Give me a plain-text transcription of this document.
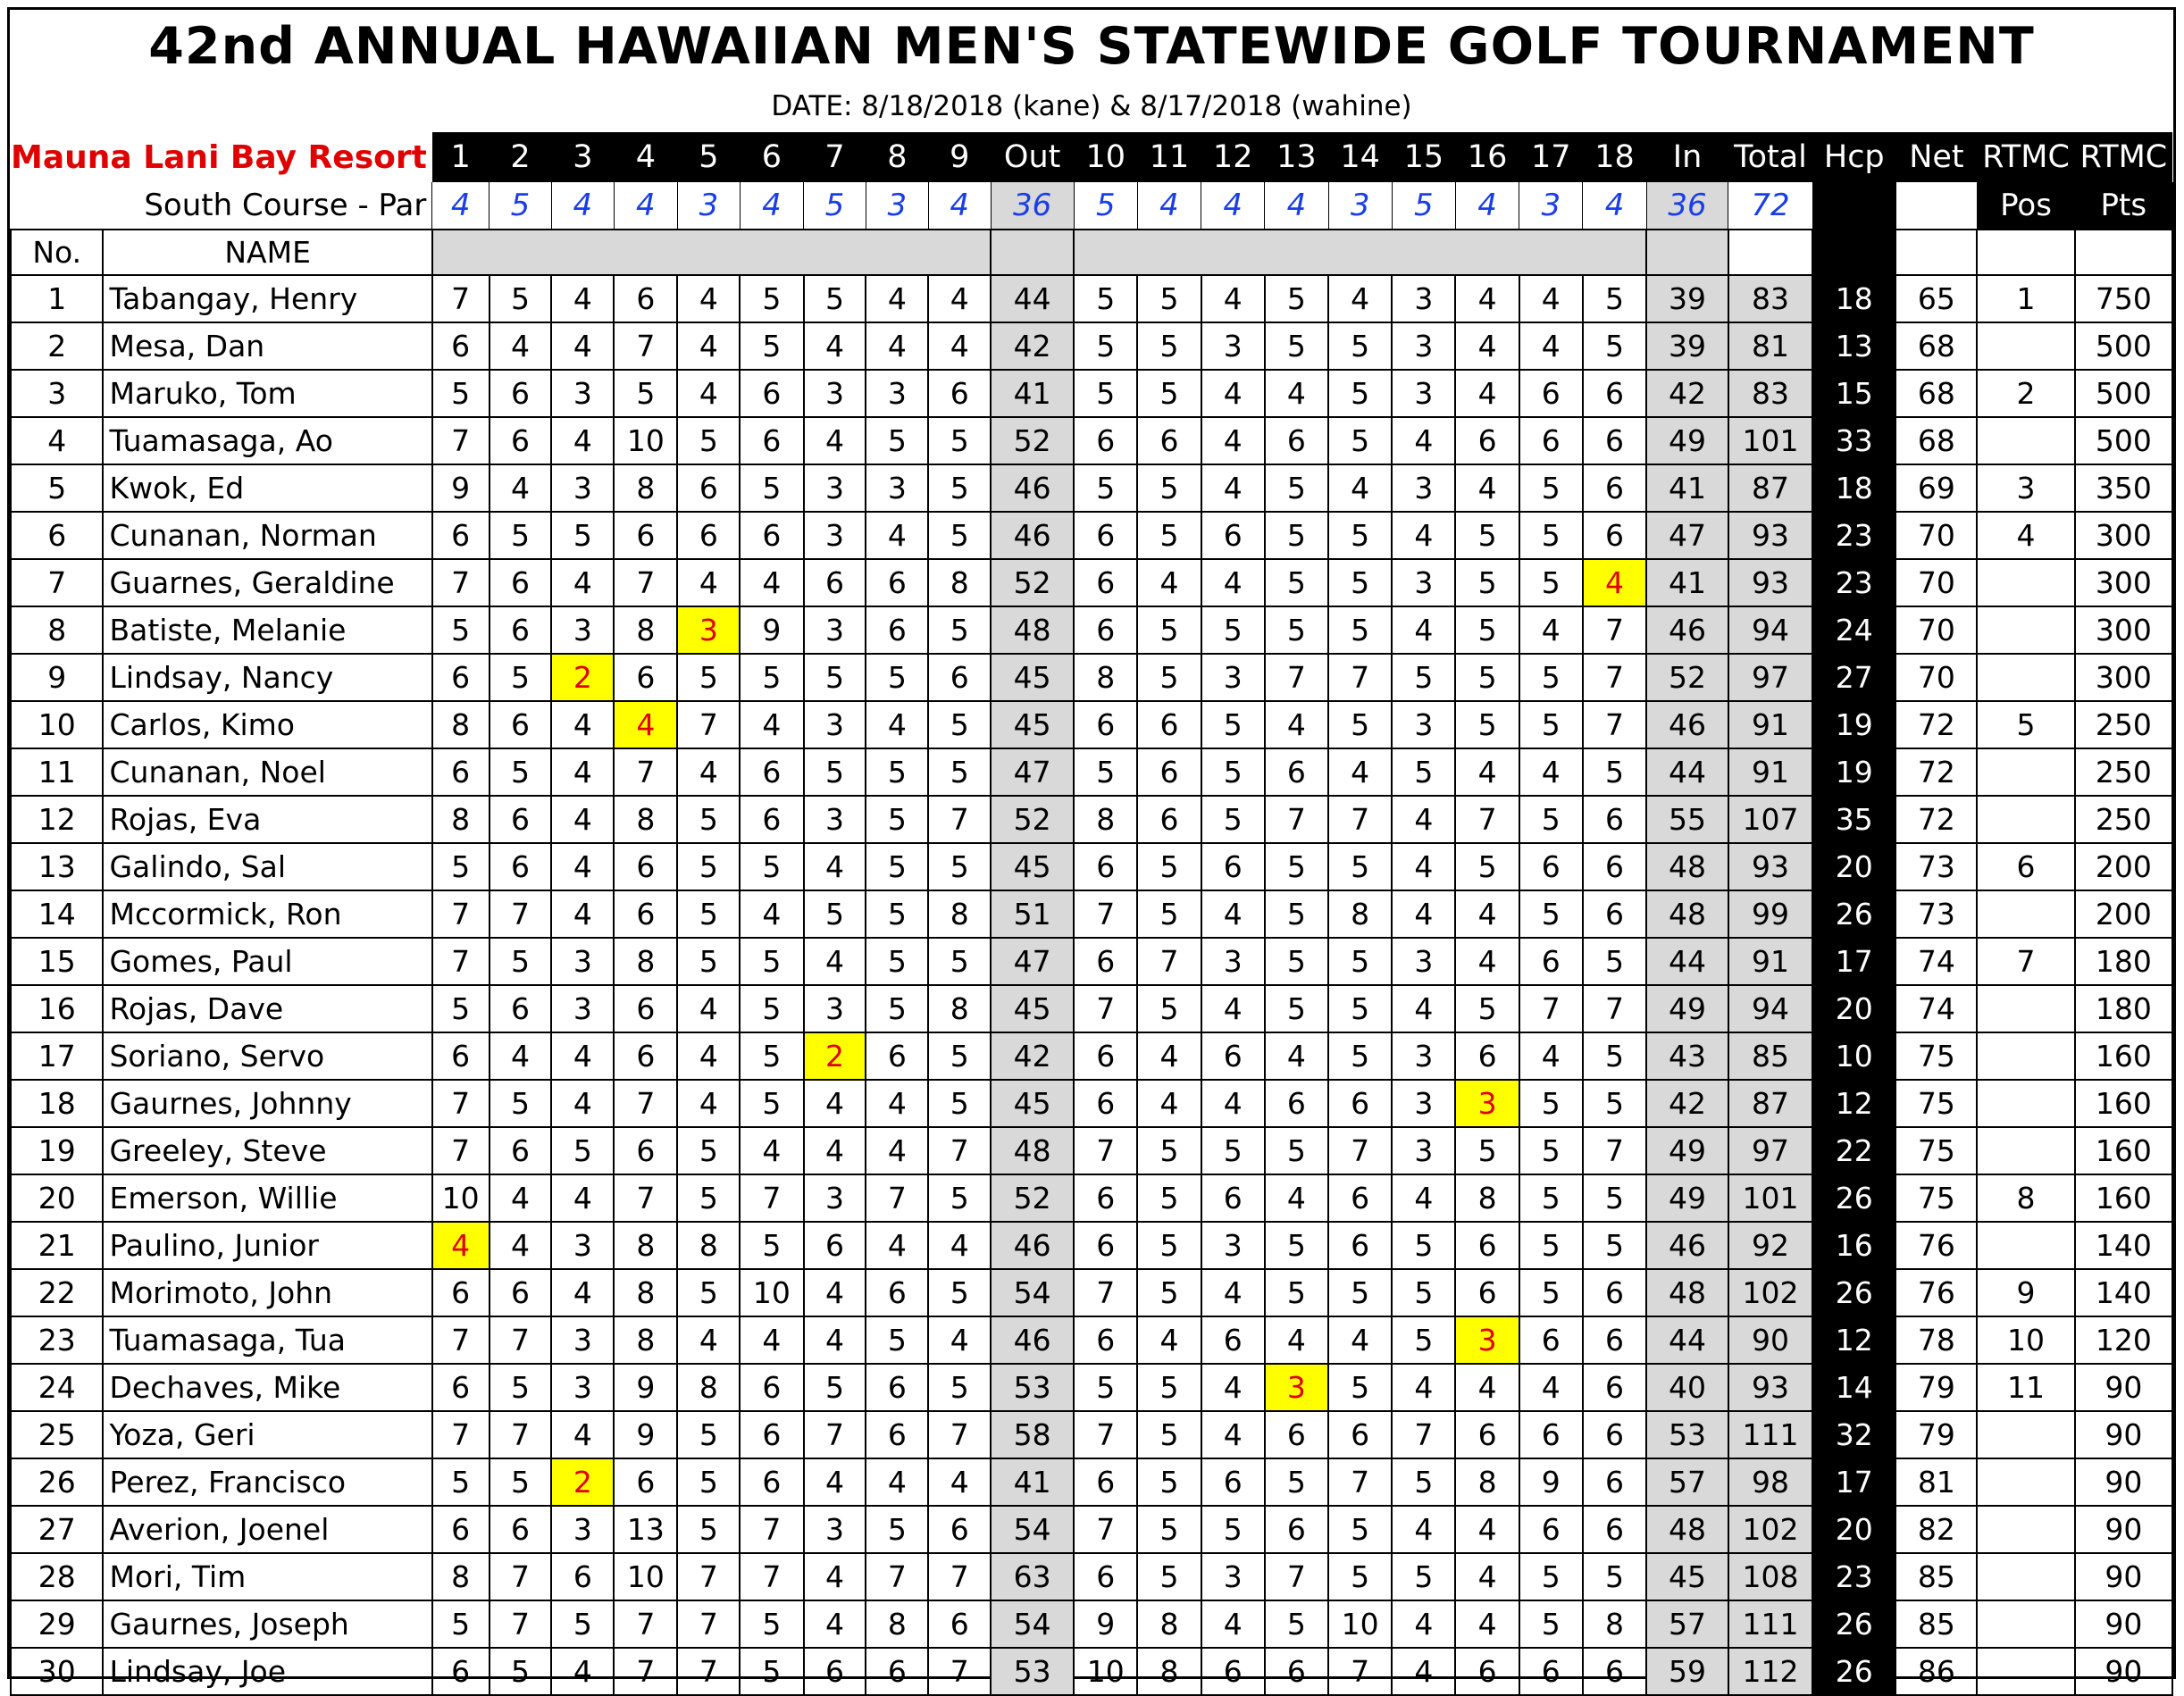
42nd ANNUAL HAWAIIAN MEN'S STATEWIDE GOLF TOURNAMENT
DATE: 8/18/2018 (kane) & 8/17/2018 (wahine)
Mauna Lani Bay Resort		1	2	3	4	5	6	7	8	9	Out	10	11	12	13	14	15	16	17	18	In	Total	Hcp	Net	RTMC	RTMC
South Course - Par		4	5	4	4	3	4	5	3	4	36	5	4	4	4	3	5	4	3	4	36	72			Pos	Pts
No.	NAME																									
1	Tabangay, Henry	7	5	4	6	4	5	5	4	4	44	5	5	4	5	4	3	4	4	5	39	83	18	65	1	750
2	Mesa, Dan	6	4	4	7	4	5	4	4	4	42	5	5	3	5	5	3	4	4	5	39	81	13	68		500
3	Maruko, Tom	5	6	3	5	4	6	3	3	6	41	5	5	4	4	5	3	4	6	6	42	83	15	68	2	500
4	Tuamasaga, Ao	7	6	4	10	5	6	4	5	5	52	6	6	4	6	5	4	6	6	6	49	101	33	68		500
5	Kwok, Ed	9	4	3	8	6	5	3	3	5	46	5	5	4	5	4	3	4	5	6	41	87	18	69	3	350
6	Cunanan, Norman	6	5	5	6	6	6	3	4	5	46	6	5	6	5	5	4	5	5	6	47	93	23	70	4	300
7	Guarnes, Geraldine	7	6	4	7	4	4	6	6	8	52	6	4	4	5	5	3	5	5	4	41	93	23	70		300
8	Batiste, Melanie	5	6	3	8	3	9	3	6	5	48	6	5	5	5	5	4	5	4	7	46	94	24	70		300
9	Lindsay, Nancy	6	5	2	6	5	5	5	5	6	45	8	5	3	7	7	5	5	5	7	52	97	27	70		300
10	Carlos, Kimo	8	6	4	4	7	4	3	4	5	45	6	6	5	4	5	3	5	5	7	46	91	19	72	5	250
11	Cunanan, Noel	6	5	4	7	4	6	5	5	5	47	5	6	5	6	4	5	4	4	5	44	91	19	72		250
12	Rojas, Eva	8	6	4	8	5	6	3	5	7	52	8	6	5	7	7	4	7	5	6	55	107	35	72		250
13	Galindo, Sal	5	6	4	6	5	5	4	5	5	45	6	5	6	5	5	4	5	6	6	48	93	20	73	6	200
14	Mccormick, Ron	7	7	4	6	5	4	5	5	8	51	7	5	4	5	8	4	4	5	6	48	99	26	73		200
15	Gomes, Paul	7	5	3	8	5	5	4	5	5	47	6	7	3	5	5	3	4	6	5	44	91	17	74	7	180
16	Rojas, Dave	5	6	3	6	4	5	3	5	8	45	7	5	4	5	5	4	5	7	7	49	94	20	74		180
17	Soriano, Servo	6	4	4	6	4	5	2	6	5	42	6	4	6	4	5	3	6	4	5	43	85	10	75		160
18	Gaurnes, Johnny	7	5	4	7	4	5	4	4	5	45	6	4	4	6	6	3	3	5	5	42	87	12	75		160
19	Greeley, Steve	7	6	5	6	5	4	4	4	7	48	7	5	5	5	7	3	5	5	7	49	97	22	75		160
20	Emerson, Willie	10	4	4	7	5	7	3	7	5	52	6	5	6	4	6	4	8	5	5	49	101	26	75	8	160
21	Paulino, Junior	4	4	3	8	8	5	6	4	4	46	6	5	3	5	6	5	6	5	5	46	92	16	76		140
22	Morimoto, John	6	6	4	8	5	10	4	6	5	54	7	5	4	5	5	5	6	5	6	48	102	26	76	9	140
23	Tuamasaga, Tua	7	7	3	8	4	4	4	5	4	46	6	4	6	4	4	5	3	6	6	44	90	12	78	10	120
24	Dechaves, Mike	6	5	3	9	8	6	5	6	5	53	5	5	4	3	5	4	4	4	6	40	93	14	79	11	90
25	Yoza, Geri	7	7	4	9	5	6	7	6	7	58	7	5	4	6	6	7	6	6	6	53	111	32	79		90
26	Perez, Francisco	5	5	2	6	5	6	4	4	4	41	6	5	6	5	7	5	8	9	6	57	98	17	81		90
27	Averion, Joenel	6	6	3	13	5	7	3	5	6	54	7	5	5	6	5	4	4	6	6	48	102	20	82		90
28	Mori, Tim	8	7	6	10	7	7	4	7	7	63	6	5	3	7	5	5	4	5	5	45	108	23	85		90
29	Gaurnes, Joseph	5	7	5	7	7	5	4	8	6	54	9	8	4	5	10	4	4	5	8	57	111	26	85		90
30	Lindsay, Joe	6	5	4	7	7	5	6	6	7	53	10	8	6	6	7	4	6	6	6	59	112	26	86		90
